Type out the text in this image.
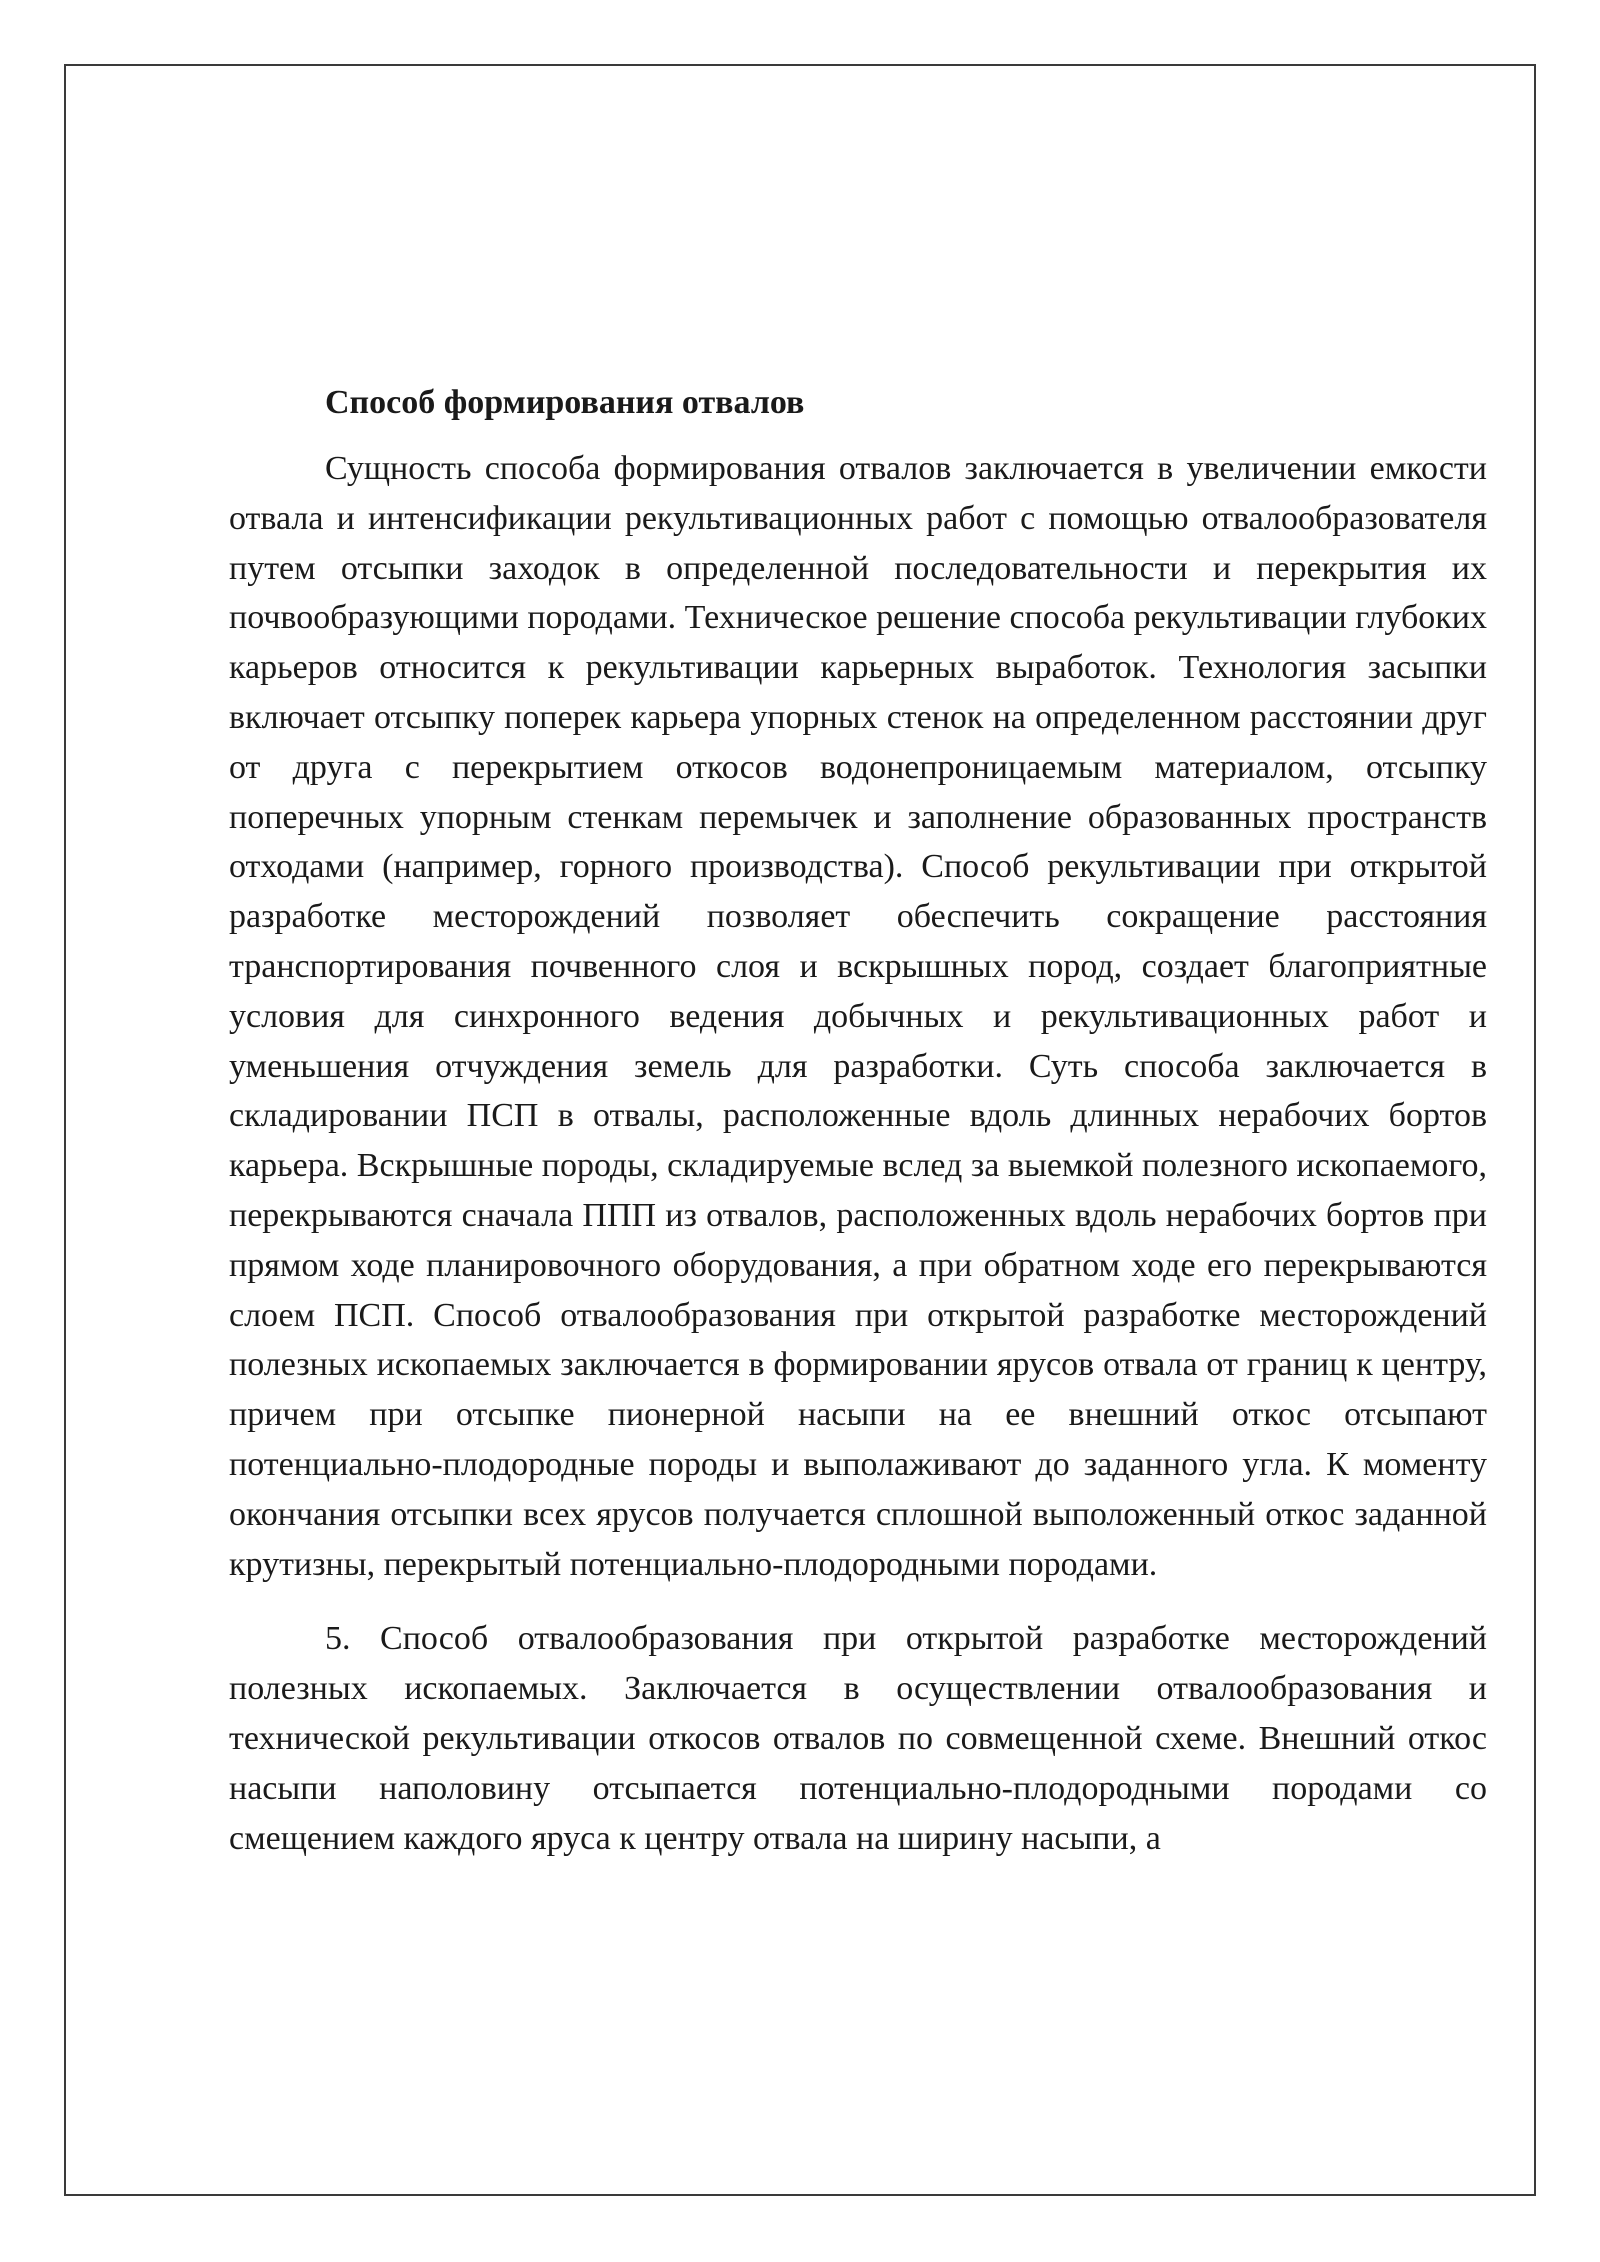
Способ формирования отвалов

Сущность способа формирования отвалов заключается в увеличении емкости отвала и интенсификации рекультивационных работ с помощью отвалообразователя путем отсыпки заходок в определенной последовательности и перекрытия их почвообразующими породами. Техническое решение способа рекультивации глубоких карьеров относится к рекультивации карьерных выработок. Технология засыпки включает отсыпку поперек карьера упорных стенок на определенном расстоянии друг от друга с перекрытием откосов водонепроницаемым материалом, отсыпку поперечных упорным стенкам перемычек и заполнение образованных пространств отходами (например, горного производства). Способ рекультивации при открытой разработке месторождений позволяет обеспечить сокращение расстояния транспортирования почвенного слоя и вскрышных пород, создает благоприятные условия для синхронного ведения добычных и рекультивационных работ и уменьшения отчуждения земель для разработки. Суть способа заключается в складировании ПСП в отвалы, расположенные вдоль длинных нерабочих бортов карьера. Вскрышные породы, складируемые вслед за выемкой полезного ископаемого, перекрываются сначала ППП из отвалов, расположенных вдоль нерабочих бортов при прямом ходе планировочного оборудования, а при обратном ходе его перекрываются слоем ПСП. Способ отвалообразования при открытой разработке месторождений полезных ископаемых заключается в формировании ярусов отвала от границ к центру, причем при отсыпке пионерной насыпи на ее внешний откос отсыпают потенциально-плодородные породы и выполаживают до заданного угла. К моменту окончания отсыпки всех ярусов получается сплошной выположенный откос заданной крутизны, перекрытый потенциально-плодородными породами.

5. Способ отвалообразования при открытой разработке месторождений полезных ископаемых. Заключается в осуществлении отвалообразования и технической рекультивации откосов отвалов по совмещенной схеме. Внешний откос насыпи наполовину отсыпается потенциально-плодородными породами со смещением каждого яруса к центру отвала на ширину насыпи, а
